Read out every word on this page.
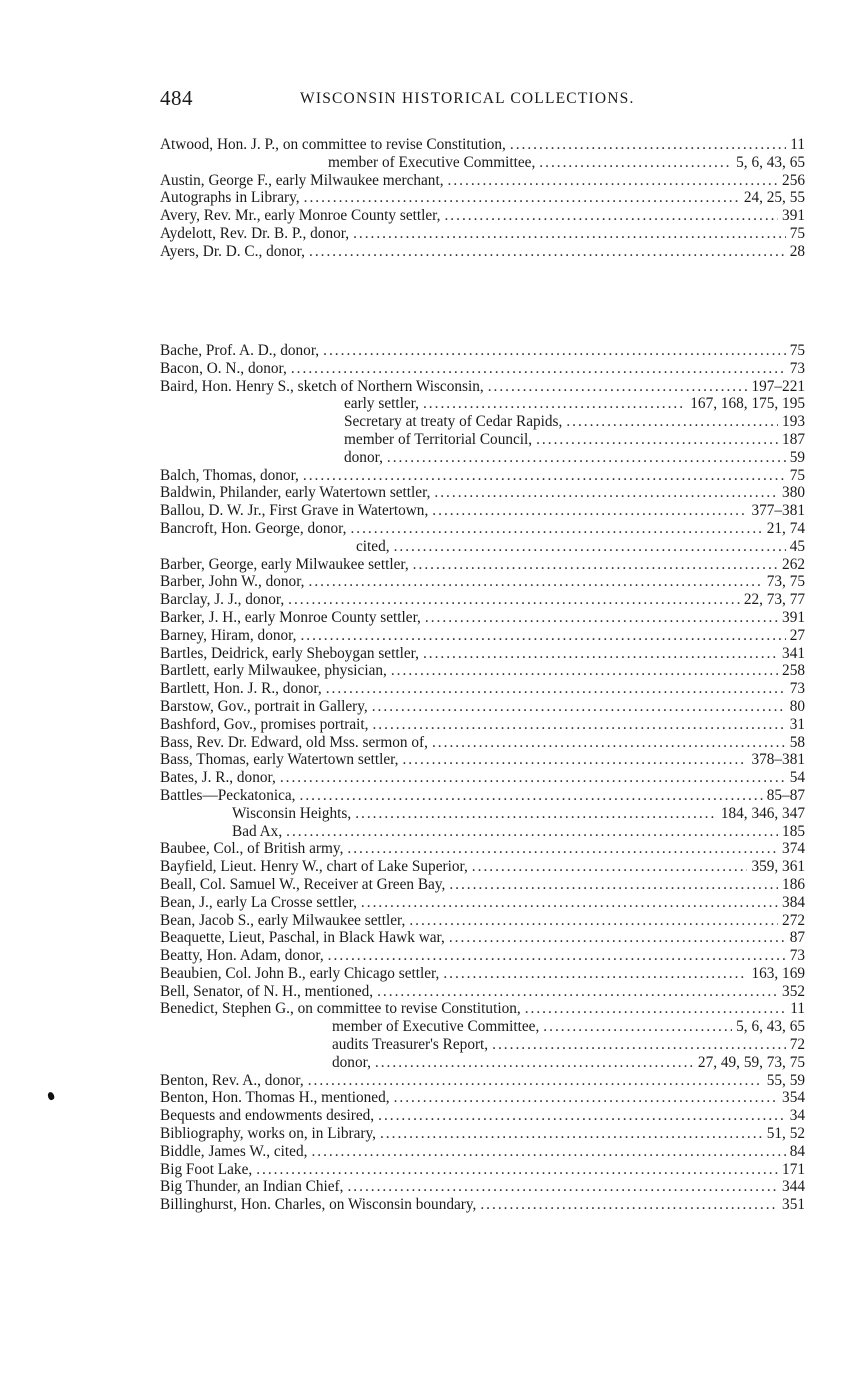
484	WISCONSIN HISTORICAL COLLECTIONS.
Atwood, Hon. J. P., on committee to revise Constitution, .....	11
member of Executive Committee, .....	5, 6, 43, 65
Austin, George F., early Milwaukee merchant, .....	256
Autographs in Library, .....	24, 25, 55
Avery, Rev. Mr., early Monroe County settler, .....	391
Aydelott, Rev. Dr. B. P., donor, .....	75
Ayers, Dr. D. C., donor, .....	28
Bache, Prof. A. D., donor, .....	75
Bacon, O. N., donor, .....	73
Baird, Hon. Henry S., sketch of Northern Wisconsin, .....	197–221
early settler, .....	167, 168, 175, 195
Secretary at treaty of Cedar Rapids, .....	193
member of Territorial Council, .....	187
donor, .....	59
Balch, Thomas, donor, .....	75
Baldwin, Philander, early Watertown settler, .....	380
Ballou, D. W. Jr., First Grave in Watertown, .....	377–381
Bancroft, Hon. George, donor, .....	21, 74
cited, .....	45
Barber, George, early Milwaukee settler, .....	262
Barber, John W., donor, .....	73, 75
Barclay, J. J., donor, .....	22, 73, 77
Barker, J. H., early Monroe County settler, .....	391
Barney, Hiram, donor, .....	27
Bartles, Deidrick, early Sheboygan settler, .....	341
Bartlett, early Milwaukee, physician, .....	258
Bartlett, Hon. J. R., donor, .....	73
Barstow, Gov., portrait in Gallery, .....	80
Bashford, Gov., promises portrait, .....	31
Bass, Rev. Dr. Edward, old Mss. sermon of, .....	58
Bass, Thomas, early Watertown settler, .....	378–381
Bates, J. R., donor, .....	54
Battles—Peckatonica, .....	85–87
Wisconsin Heights, .....	184, 346, 347
Bad Ax, .....	185
Baubee, Col., of British army, .....	374
Bayfield, Lieut. Henry W., chart of Lake Superior, .....	359, 361
Beall, Col. Samuel W., Receiver at Green Bay, .....	186
Bean, J., early La Crosse settler, .....	384
Bean, Jacob S., early Milwaukee settler, .....	272
Beaquette, Lieut, Paschal, in Black Hawk war, .....	87
Beatty, Hon. Adam, donor, .....	73
Beaubien, Col. John B., early Chicago settler, .....	163, 169
Bell, Senator, of N. H., mentioned, .....	352
Benedict, Stephen G., on committee to revise Constitution, .....	11
member of Executive Committee, .....	5, 6, 43, 65
audits Treasurer's Report, .....	72
donor, .....	27, 49, 59, 73, 75
Benton, Rev. A., donor, .....	55, 59
Benton, Hon. Thomas H., mentioned, .....	354
Bequests and endowments desired, .....	34
Bibliography, works on, in Library, .....	51, 52
Biddle, James W., cited, .....	84
Big Foot Lake, .....	171
Big Thunder, an Indian Chief, .....	344
Billinghurst, Hon. Charles, on Wisconsin boundary, .....	351
